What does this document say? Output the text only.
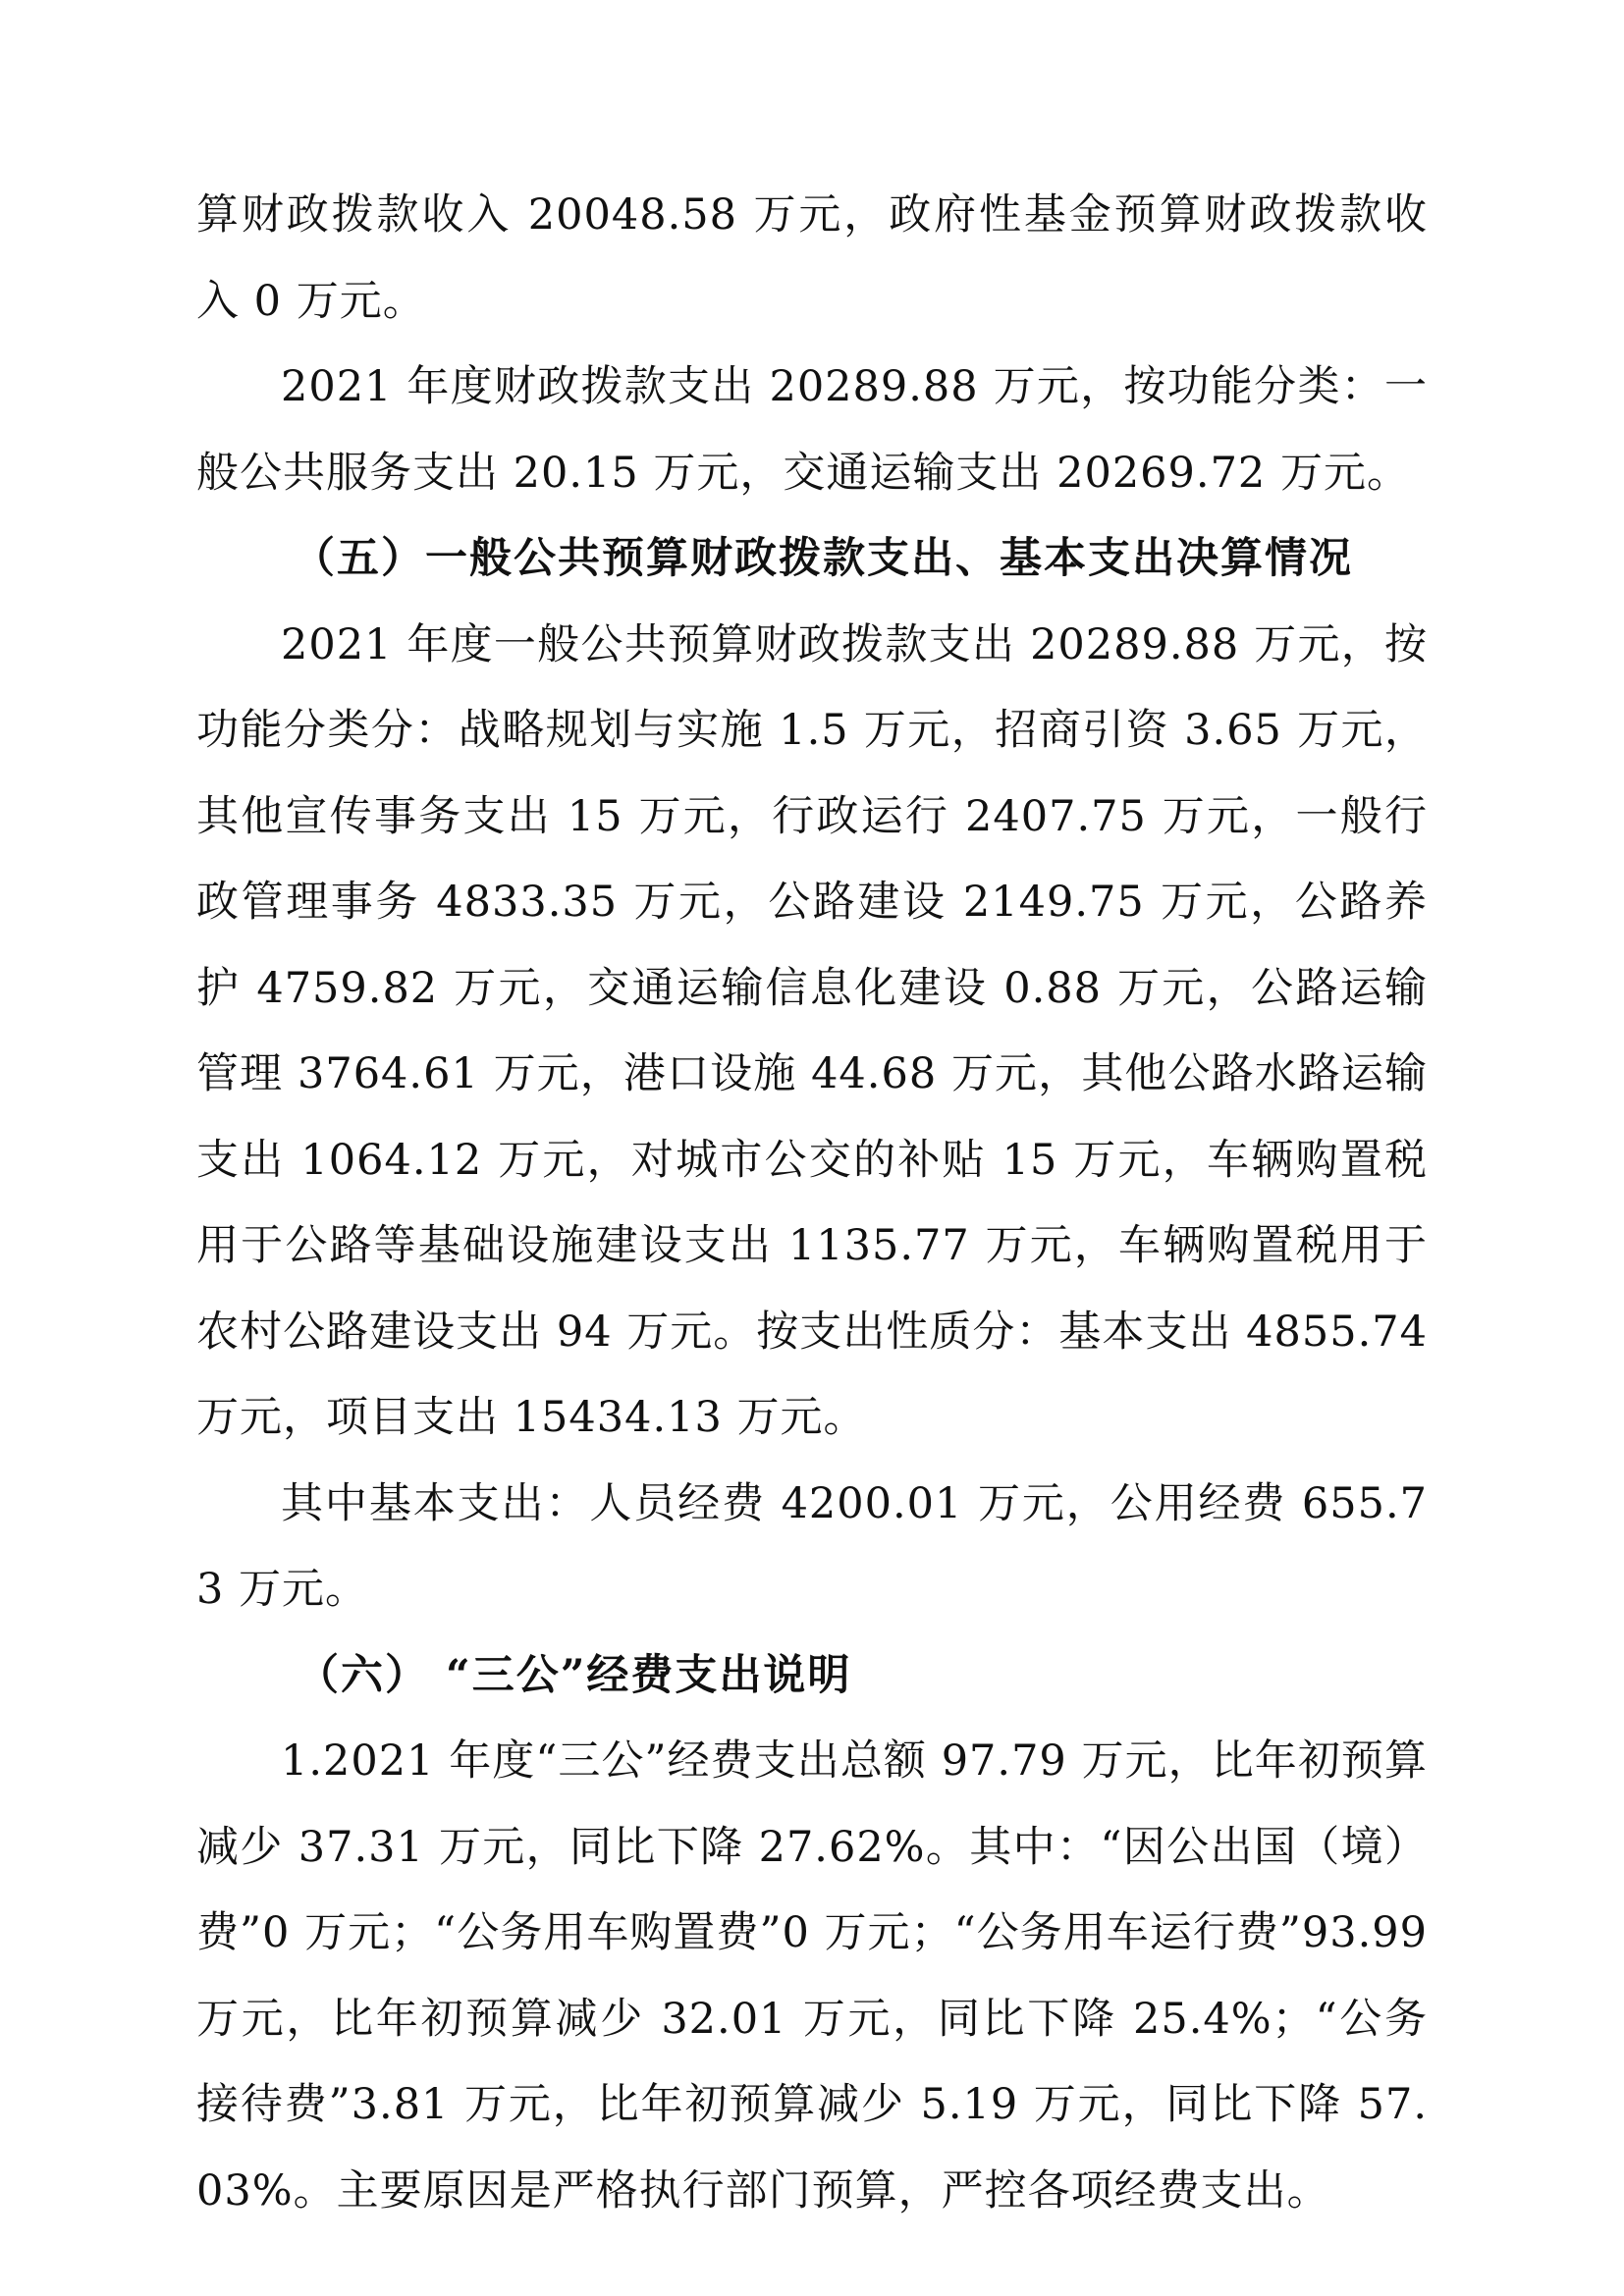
算财政拨款收入 20048.58 万元，政府性基金预算财政拨款收入 0 万元。

2021 年度财政拨款支出 20289.88 万元，按功能分类：一般公共服务支出 20.15 万元，交通运输支出 20269.72 万元。

（五）一般公共预算财政拨款支出、基本支出决算情况

2021 年度一般公共预算财政拨款支出 20289.88 万元，按功能分类分：战略规划与实施 1.5 万元，招商引资 3.65 万元，其他宣传事务支出 15 万元，行政运行 2407.75 万元，一般行政管理事务 4833.35 万元，公路建设 2149.75 万元，公路养护 4759.82 万元，交通运输信息化建设 0.88 万元，公路运输管理 3764.61 万元，港口设施 44.68 万元，其他公路水路运输支出 1064.12 万元，对城市公交的补贴 15 万元，车辆购置税用于公路等基础设施建设支出 1135.77 万元，车辆购置税用于农村公路建设支出 94 万元。按支出性质分：基本支出 4855.74 万元，项目支出 15434.13 万元。

其中基本支出：人员经费 4200.01 万元，公用经费 655.73 万元。

（六） “三公”经费支出说明

1.2021 年度“三公”经费支出总额 97.79 万元，比年初预算减少 37.31 万元，同比下降 27.62%。其中：“因公出国（境）费”0 万元；“公务用车购置费”0 万元；“公务用车运行费”93.99 万元，比年初预算减少 32.01 万元，同比下降 25.4%；“公务接待费”3.81 万元，比年初预算减少 5.19 万元，同比下降 57.03%。主要原因是严格执行部门预算，严控各项经费支出。
